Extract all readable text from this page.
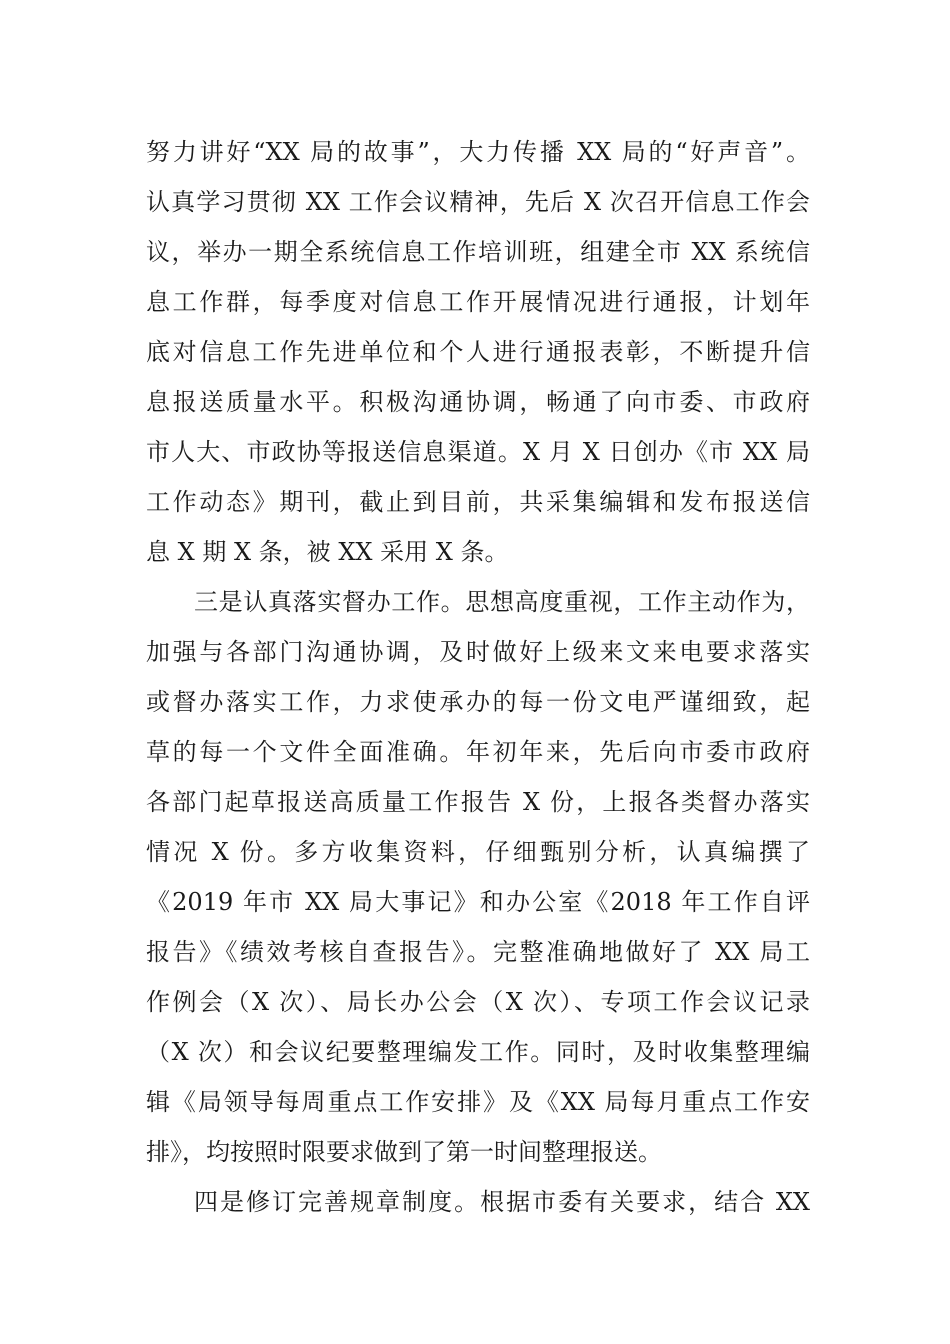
努力讲好“XX 局的故事”，大力传播 XX 局的“好声音”。
认真学习贯彻 XX 工作会议精神，先后 X 次召开信息工作会
议，举办一期全系统信息工作培训班，组建全市 XX 系统信
息工作群，每季度对信息工作开展情况进行通报，计划年
底对信息工作先进单位和个人进行通报表彰，不断提升信
息报送质量水平。积极沟通协调，畅通了向市委、市政府
市人大、市政协等报送信息渠道。X 月 X 日创办《市 XX 局
工作动态》期刊，截止到目前，共采集编辑和发布报送信
息 X 期 X 条，被 XX 采用 X 条。
三是认真落实督办工作。思想高度重视，工作主动作为，
加强与各部门沟通协调，及时做好上级来文来电要求落实
或督办落实工作，力求使承办的每一份文电严谨细致，起
草的每一个文件全面准确。年初年来，先后向市委市政府
各部门起草报送高质量工作报告 X 份，上报各类督办落实
情况 X 份。多方收集资料，仔细甄别分析，认真编撰了
《2019 年市 XX 局大事记》和办公室《2018 年工作自评
报告》《绩效考核自查报告》。完整准确地做好了 XX 局工
作例会（X 次）、局长办公会（X 次）、专项工作会议记录
（X 次）和会议纪要整理编发工作。同时，及时收集整理编
辑《局领导每周重点工作安排》及《XX 局每月重点工作安
排》，均按照时限要求做到了第一时间整理报送。
四是修订完善规章制度。根据市委有关要求，结合 XX
